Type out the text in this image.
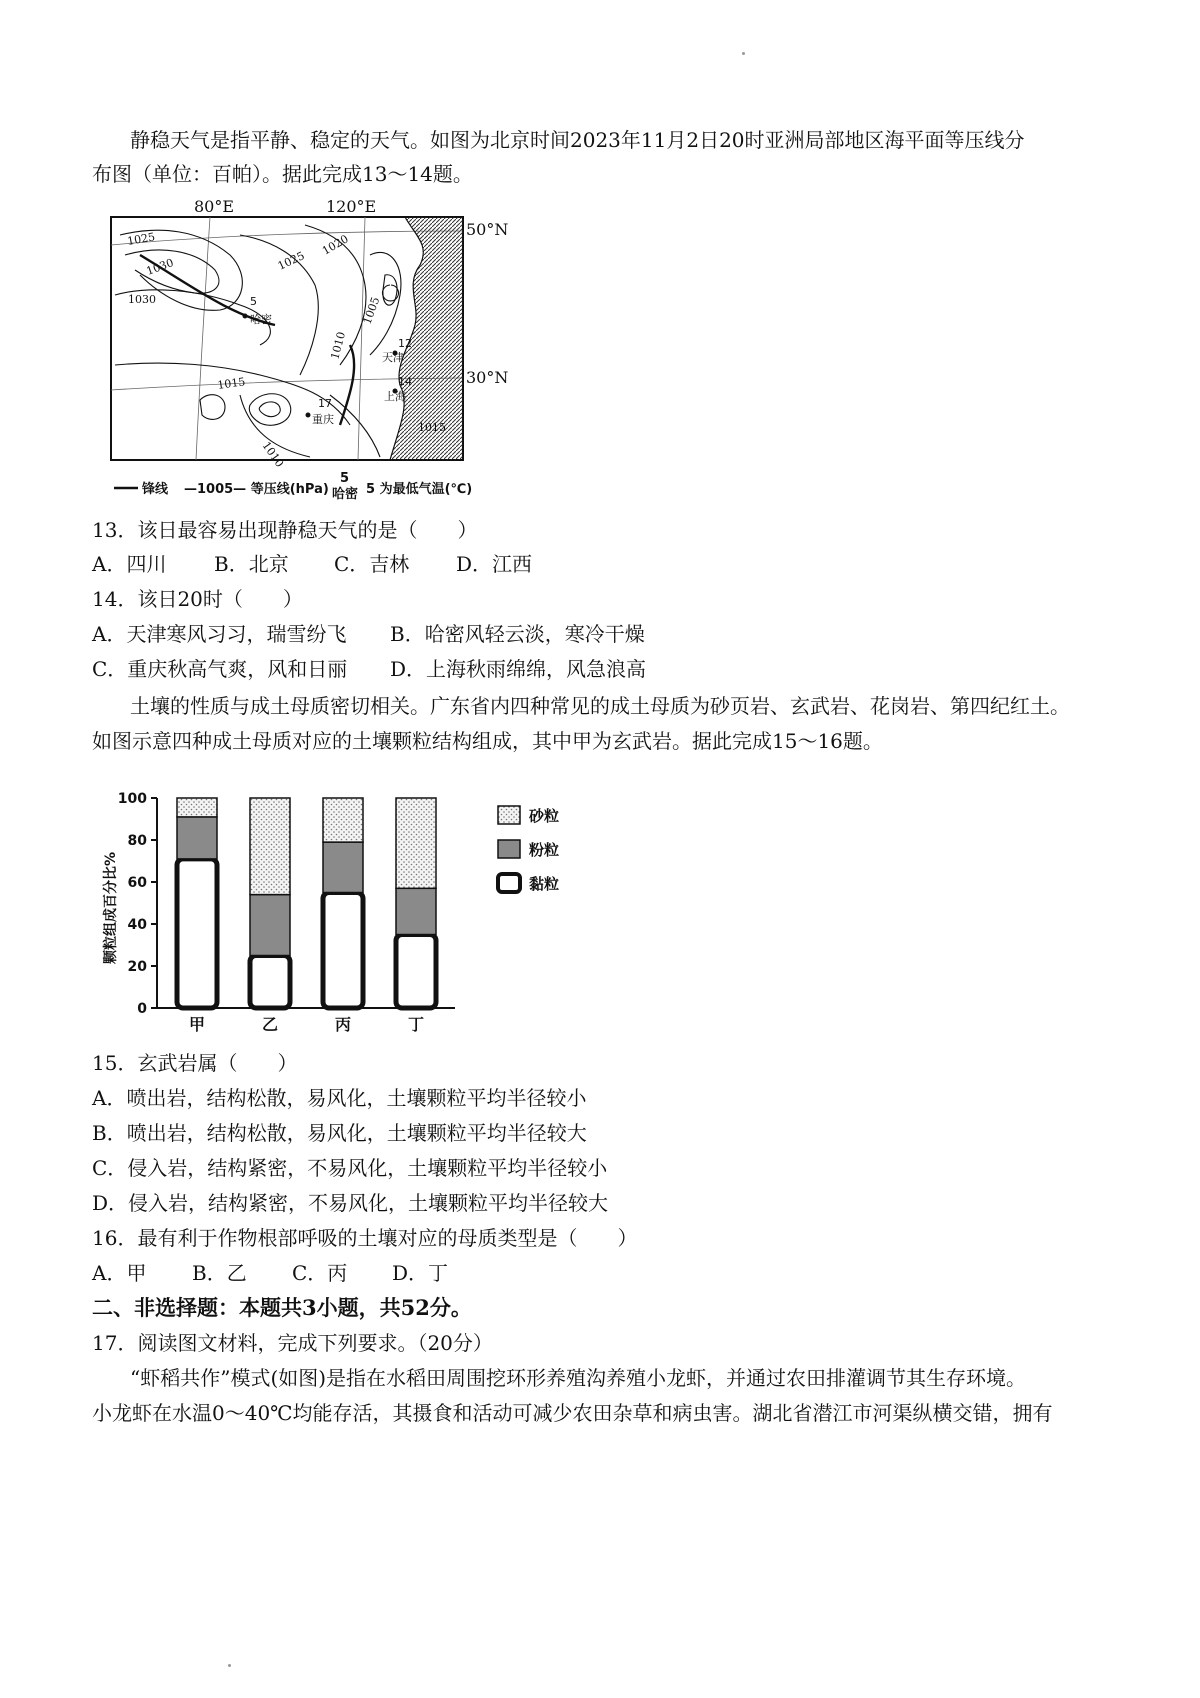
静稳天气是指平静、稳定的天气。如图为北京时间2023年11月2日20时亚洲局部地区海平面等压线分
布图（单位：百帕）。据此完成13～14题。
80°E	120°E
50°N
30°N
1025
1030
1030
1025
1020
1005
1010
1015
1010
1015
5
哈密
12
天津
14
上海
17
重庆
锋线 —1005— 等压线(hPa)
5
哈密 5 为最低气温(℃)
13．该日最容易出现静稳天气的是（　　）
A．四川 B．北京 C．吉林 D．江西
14．该日20时（　　）
A．天津寒风习习，瑞雪纷飞 B．哈密风轻云淡，寒冷干燥
C．重庆秋高气爽，风和日丽 D．上海秋雨绵绵，风急浪高
土壤的性质与成土母质密切相关。广东省内四种常见的成土母质为砂页岩、玄武岩、花岗岩、第四纪红土。
如图示意四种成土母质对应的土壤颗粒结构组成，其中甲为玄武岩。据此完成15～16题。
颗粒组成百分比%
0
20
40
60
80
100
甲	乙	丙	丁
砂粒
粉粒
黏粒
15．玄武岩属（　　）
A．喷出岩，结构松散，易风化，土壤颗粒平均半径较小
B．喷出岩，结构松散，易风化，土壤颗粒平均半径较大
C．侵入岩，结构紧密，不易风化，土壤颗粒平均半径较小
D．侵入岩，结构紧密，不易风化，土壤颗粒平均半径较大
16．最有利于作物根部呼吸的土壤对应的母质类型是（　　）
A．甲 B．乙 C．丙 D．丁
二、非选择题：本题共3小题，共52分。
17．阅读图文材料，完成下列要求。（20分）
“虾稻共作”模式(如图)是指在水稻田周围挖环形养殖沟养殖小龙虾，并通过农田排灌调节其生存环境。
小龙虾在水温0～40℃均能存活，其摄食和活动可减少农田杂草和病虫害。湖北省潜江市河渠纵横交错，拥有
